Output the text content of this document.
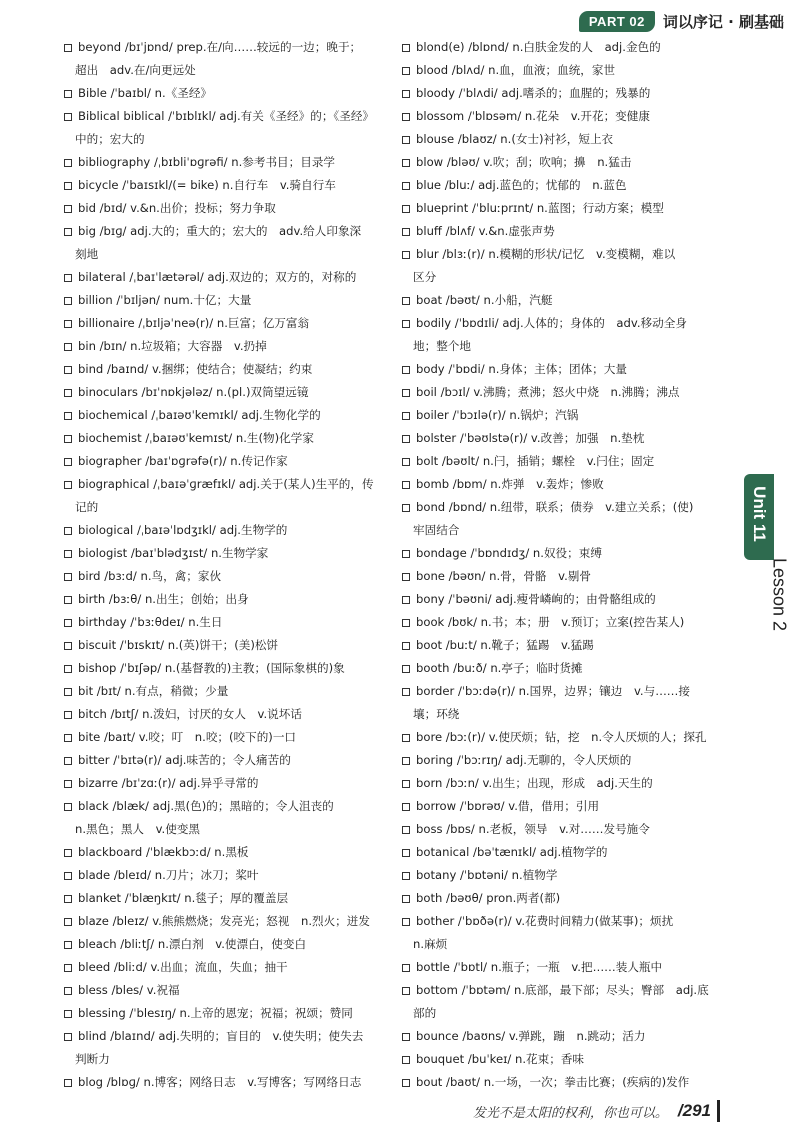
PART 02	词以序记 · 刷基础
beyond /bɪˈjɒnd/ prep.在/向……较远的一边；晚于；
超出　adv.在/向更远处
Bible /ˈbaɪbl/ n.《圣经》
Biblical biblical /ˈbɪblɪkl/ adj.有关《圣经》的；《圣经》
中的；宏大的
bibliography /ˌbɪbliˈɒɡrəfi/ n.参考书目；目录学
bicycle /ˈbaɪsɪkl/(= bike) n.自行车　v.骑自行车
bid /bɪd/ v.&n.出价；投标；努力争取
big /bɪɡ/ adj.大的；重大的；宏大的　adv.给人印象深
刻地
bilateral /ˌbaɪˈlætərəl/ adj.双边的；双方的，对称的
billion /ˈbɪljən/ num.十亿；大量
billionaire /ˌbɪljəˈneə(r)/ n.巨富；亿万富翁
bin /bɪn/ n.垃圾箱；大容器　v.扔掉
bind /baɪnd/ v.捆绑；使结合；使凝结；约束
binoculars /bɪˈnɒkjələz/ n.(pl.)双筒望远镜
biochemical /ˌbaɪəʊˈkemɪkl/ adj.生物化学的
biochemist /ˌbaɪəʊˈkemɪst/ n.生(物)化学家
biographer /baɪˈɒɡrəfə(r)/ n.传记作家
biographical /ˌbaɪəˈɡræfɪkl/ adj.关于(某人)生平的，传
记的
biological /ˌbaɪəˈlɒdʒɪkl/ adj.生物学的
biologist /baɪˈblədʒɪst/ n.生物学家
bird /bɜːd/ n.鸟，禽；家伙
birth /bɜːθ/ n.出生；创始；出身
birthday /ˈbɜːθdeɪ/ n.生日
biscuit /ˈbɪskɪt/ n.(英)饼干；(美)松饼
bishop /ˈbɪʃəp/ n.(基督教的)主教；(国际象棋的)象
bit /bɪt/ n.有点，稍微；少量
bitch /bɪtʃ/ n.泼妇，讨厌的女人　v.说坏话
bite /baɪt/ v.咬；叮　n.咬；(咬下的)一口
bitter /ˈbɪtə(r)/ adj.味苦的；令人痛苦的
bizarre /bɪˈzɑː(r)/ adj.异乎寻常的
black /blæk/ adj.黑(色)的；黑暗的；令人沮丧的
n.黑色；黑人　v.使变黑
blackboard /ˈblækbɔːd/ n.黑板
blade /bleɪd/ n.刀片；冰刀；桨叶
blanket /ˈblæŋkɪt/ n.毯子；厚的覆盖层
blaze /bleɪz/ v.熊熊燃烧；发亮光；怒视　n.烈火；迸发
bleach /bliːtʃ/ n.漂白剂　v.使漂白，使变白
bleed /bliːd/ v.出血；流血，失血；抽干
bless /bles/ v.祝福
blessing /ˈblesɪŋ/ n.上帝的恩宠；祝福；祝颂；赞同
blind /blaɪnd/ adj.失明的；盲目的　v.使失明；使失去
判断力
blog /blɒɡ/ n.博客；网络日志　v.写博客；写网络日志
blond(e) /blɒnd/ n.白肤金发的人　adj.金色的
blood /blʌd/ n.血，血液；血统，家世
bloody /ˈblʌdi/ adj.嗜杀的；血腥的；残暴的
blossom /ˈblɒsəm/ n.花朵　v.开花；变健康
blouse /blaʊz/ n.(女士)衬衫，短上衣
blow /bləʊ/ v.吹；刮；吹响；擤　n.猛击
blue /bluː/ adj.蓝色的；忧郁的　n.蓝色
blueprint /ˈbluːprɪnt/ n.蓝图；行动方案；模型
bluff /blʌf/ v.&n.虚张声势
blur /blɜː(r)/ n.模糊的形状/记忆　v.变模糊，难以
区分
boat /bəʊt/ n.小船，汽艇
bodily /ˈbɒdɪli/ adj.人体的；身体的　adv.移动全身
地；整个地
body /ˈbɒdi/ n.身体；主体；团体；大量
boil /bɔɪl/ v.沸腾；煮沸；怒火中烧　n.沸腾；沸点
boiler /ˈbɔɪlə(r)/ n.锅炉；汽锅
bolster /ˈbəʊlstə(r)/ v.改善；加强　n.垫枕
bolt /bəʊlt/ n.闩，插销；螺栓　v.闩住；固定
bomb /bɒm/ n.炸弹　v.轰炸；惨败
bond /bɒnd/ n.纽带，联系；债券　v.建立关系；(使)
牢固结合
bondage /ˈbɒndɪdʒ/ n.奴役；束缚
bone /bəʊn/ n.骨，骨骼　v.剔骨
bony /ˈbəʊni/ adj.瘦骨嶙峋的；由骨骼组成的
book /bʊk/ n.书；本；册　v.预订；立案(控告某人)
boot /buːt/ n.靴子；猛踢　v.猛踢
booth /buːð/ n.亭子；临时货摊
border /ˈbɔːdə(r)/ n.国界，边界；镶边　v.与……接
壤；环绕
bore /bɔː(r)/ v.使厌烦；钻，挖　n.令人厌烦的人；探孔
boring /ˈbɔːrɪŋ/ adj.无聊的，令人厌烦的
born /bɔːn/ v.出生；出现，形成　adj.天生的
borrow /ˈbɒrəʊ/ v.借，借用；引用
boss /bɒs/ n.老板，领导　v.对……发号施令
botanical /bəˈtænɪkl/ adj.植物学的
botany /ˈbɒtəni/ n.植物学
both /bəʊθ/ pron.两者(都)
bother /ˈbɒðə(r)/ v.花费时间精力(做某事)；烦扰
n.麻烦
bottle /ˈbɒtl/ n.瓶子；一瓶　v.把……装人瓶中
bottom /ˈbɒtəm/ n.底部，最下部；尽头；臀部　adj.底
部的
bounce /baʊns/ v.弹跳，蹦　n.跳动；活力
bouquet /buˈkeɪ/ n.花束；香味
bout /baʊt/ n.一场，一次；拳击比赛；(疾病的)发作
Unit 11
Lesson 2
发光不是太阳的权利，你也可以。 /291
